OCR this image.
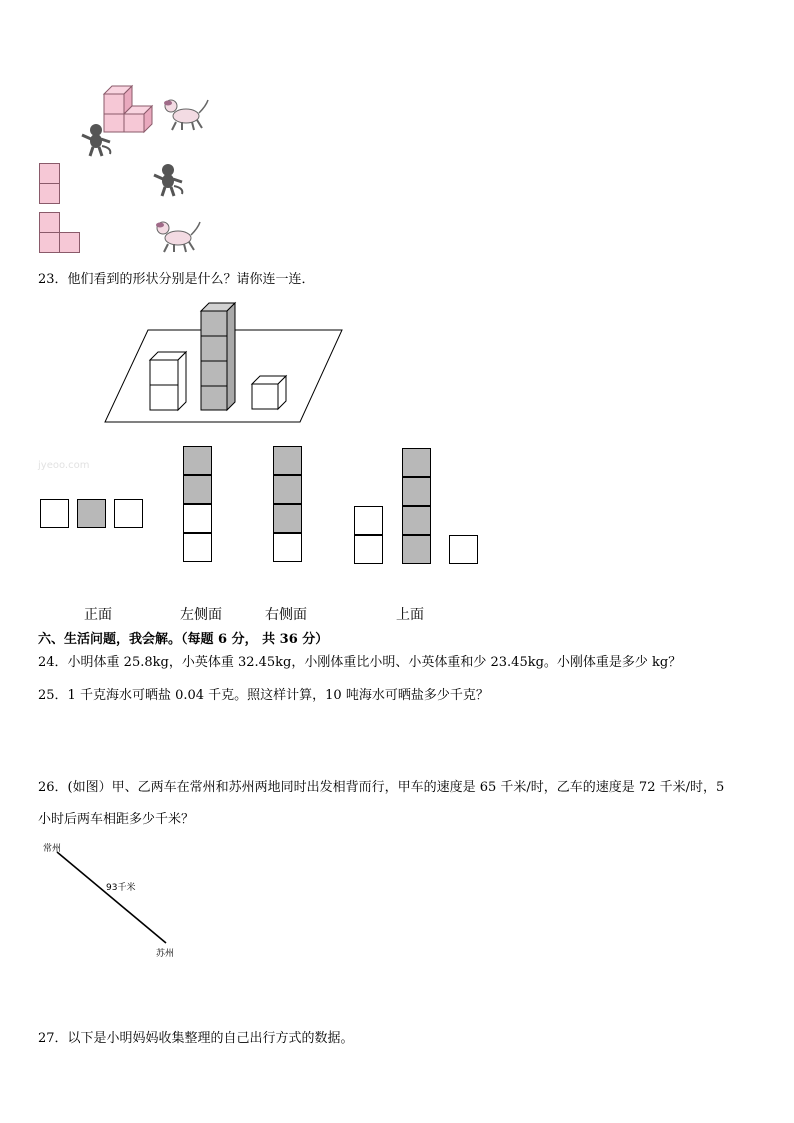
23．他们看到的形状分别是什么？请你连一连．
jyeoo.com
正面	左侧面	右侧面	上面
六、生活问题，我会解。（每题 6 分， 共 36 分）
24．小明体重 25.8kg，小英体重 32.45kg，小刚体重比小明、小英体重和少 23.45kg。小刚体重是多少 kg？
25．1 千克海水可晒盐 0.04 千克。照这样计算，10 吨海水可晒盐多少千克？
26．(如图）甲、乙两车在常州和苏州两地同时出发相背而行，甲车的速度是 65 千米/时，乙车的速度是 72 千米/时，5
小时后两车相距多少千米？
常州
93千米
苏州
27．以下是小明妈妈收集整理的自己出行方式的数据。
